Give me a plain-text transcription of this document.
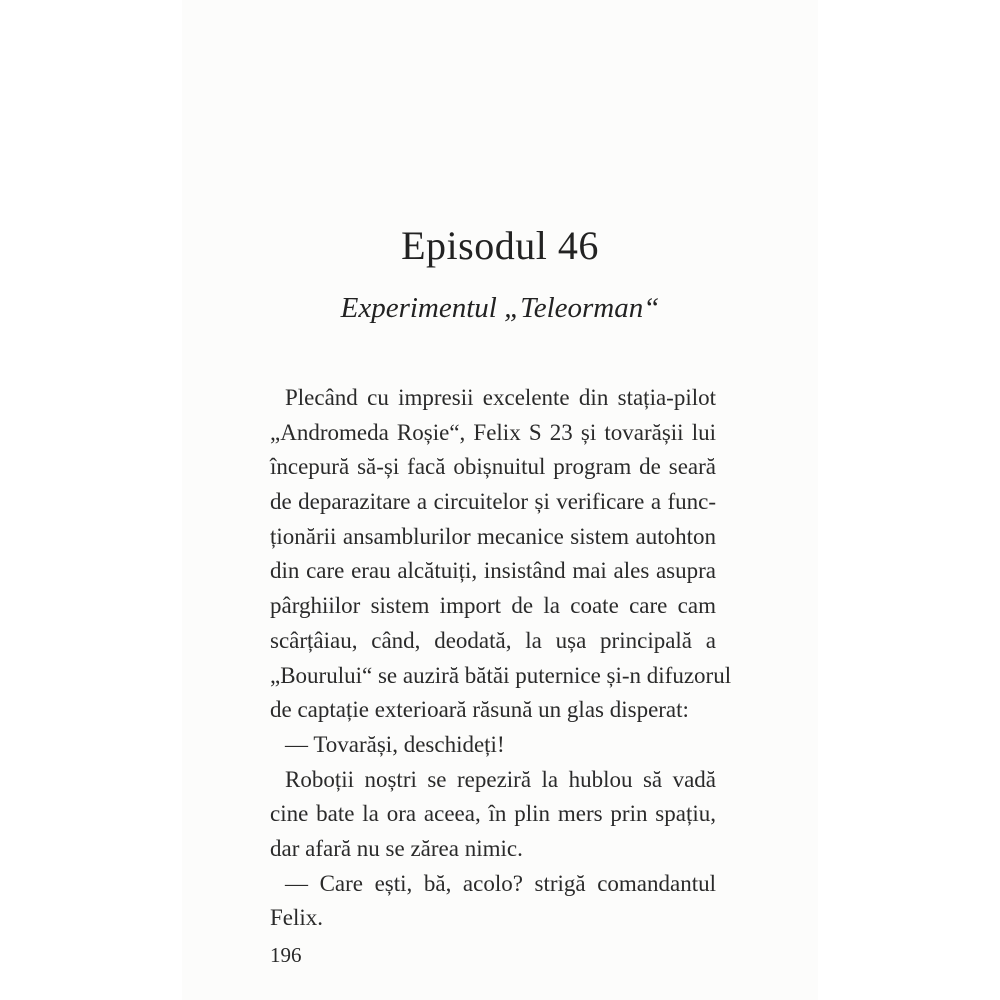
Episodul 46
Experimentul „Teleorman“
Plecând cu impresii excelente din stația-pilot
„Andromeda Roșie“, Felix S 23 și tovarășii lui
începură să-și facă obișnuitul program de seară
de deparazitare a circuitelor și verificare a func-
ționării ansamblurilor mecanice sistem autohton
din care erau alcătuiți, insistând mai ales asupra
pârghiilor sistem import de la coate care cam
scârțâiau, când, deodată, la ușa principală a
„Bourului“ se auziră bătăi puternice și-n difuzorul
de captație exterioară răsună un glas disperat:
— Tovarăși, deschideți!
Roboții noștri se repeziră la hublou să vadă
cine bate la ora aceea, în plin mers prin spațiu,
dar afară nu se zărea nimic.
— Care ești, bă, acolo? strigă comandantul
Felix.
196
